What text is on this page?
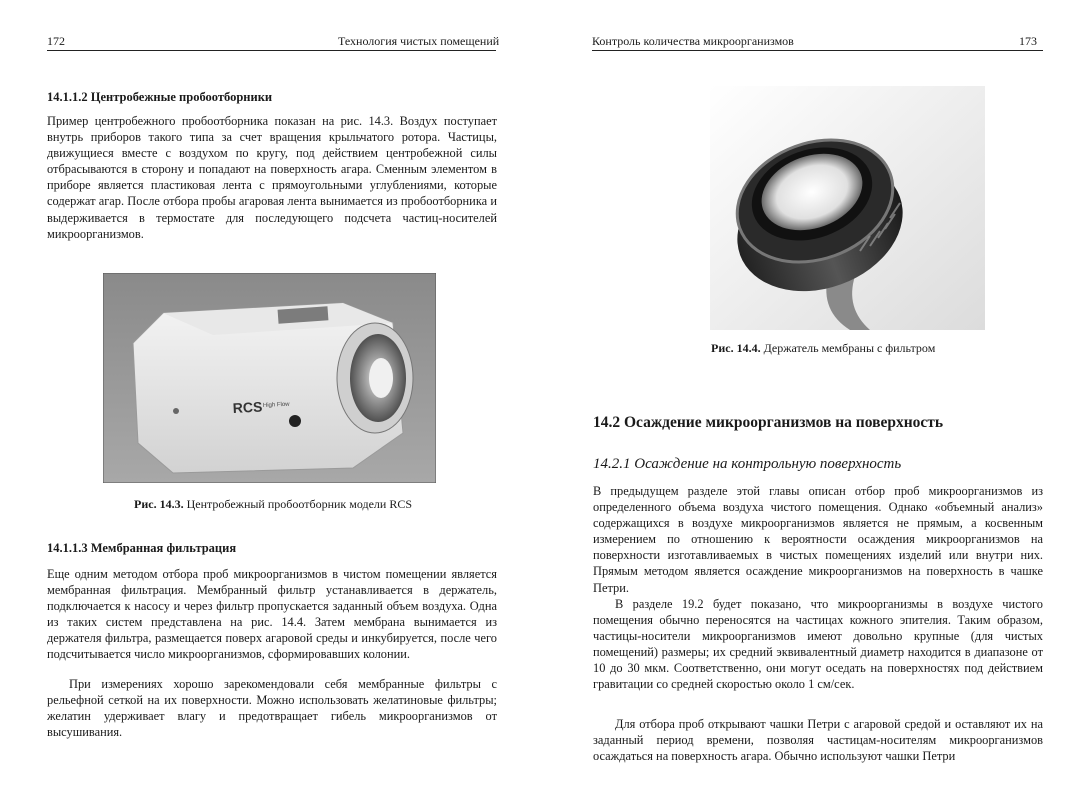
172	Технология чистых помещений
14.1.1.2 Центробежные пробоотборники

Пример центробежного пробоотборника показан на рис. 14.3. Воздух поступает внутрь приборов такого типа за счет вращения крыльчатого ротора. Частицы, движущиеся вместе с воздухом по кругу, под действием центробежной силы отбрасываются в сторону и попадают на поверхность агара. Сменным элементом в приборе является пластиковая лента с прямоугольными углублениями, которые содержат агар. После отбора пробы агаровая лента вынимается из пробоотборника и выдерживается в термостате для последующего подсчета частиц-носителей микроорганизмов.

RCS High Flow
Рис. 14.3. Центробежный пробоотборник модели RCS
14.1.1.3 Мембранная фильтрация

Еще одним методом отбора проб микроорганизмов в чистом помещении является мембранная фильтрация. Мембранный фильтр устанавливается в держатель, подключается к насосу и через фильтр пропускается заданный объем воздуха. Одна из таких систем представлена на рис. 14.4. Затем мембрана вынимается из держателя фильтра, размещается поверх агаровой среды и инкубируется, после чего подсчитывается число микроорганизмов, сформировавших колонии.

При измерениях хорошо зарекомендовали себя мембранные фильтры с рельефной сеткой на их поверхности. Можно использовать желатиновые фильтры; желатин удерживает влагу и предотвращает гибель микроорганизмов от высушивания.

Контроль количества микроорганизмов	173
Рис. 14.4. Держатель мембраны с фильтром
14.2 Осаждение микроорганизмов на поверхность
14.2.1 Осаждение на контрольную поверхность

В предыдущем разделе этой главы описан отбор проб микроорганизмов из определенного объема воздуха чистого помещения. Однако «объемный анализ» содержащихся в воздухе микроорганизмов является не прямым, а косвенным измерением по отношению к вероятности осаждения микроорганизмов на поверхности изготавливаемых в чистых помещениях изделий или внутри них. Прямым методом является осаждение микроорганизмов на поверхность в чашке Петри.

В разделе 19.2 будет показано, что микроорганизмы в воздухе чистого помещения обычно переносятся на частицах кожного эпителия. Таким образом, частицы-носители микроорганизмов имеют довольно крупные (для чистых помещений) размеры; их средний эквивалентный диаметр находится в диапазоне от 10 до 30 мкм. Соответственно, они могут оседать на поверхностях под действием гравитации со средней скоростью около 1 см/сек.

Для отбора проб открывают чашки Петри с агаровой средой и оставляют их на заданный период времени, позволяя частицам-носителям микроорганизмов осаждаться на поверхность агара. Обычно используют чашки Петри
